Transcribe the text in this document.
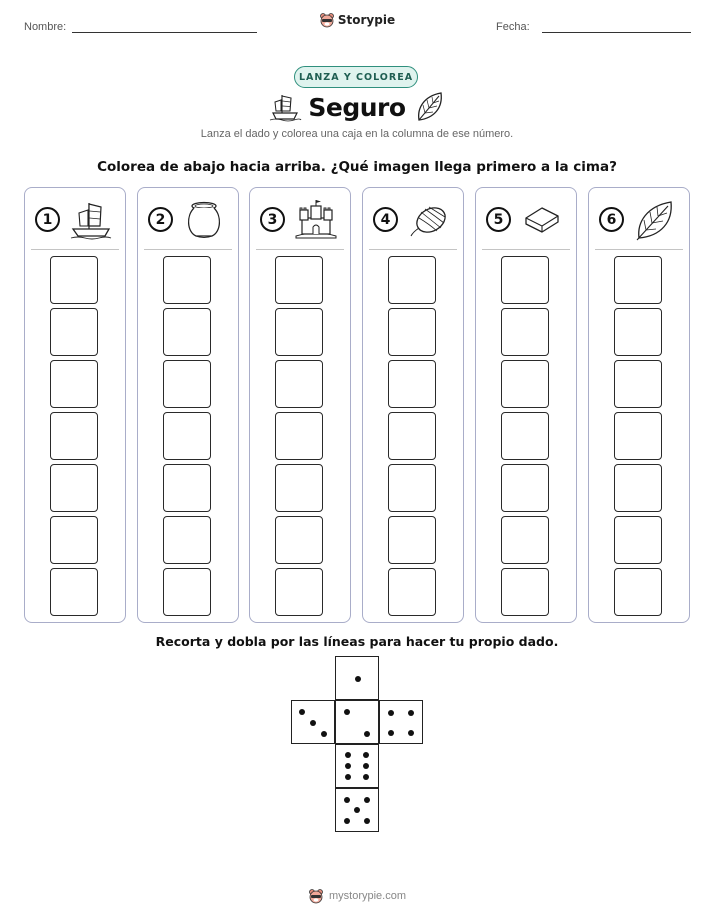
Nombre:	Storypie	Fecha:
LANZA Y COLOREA
Seguro
Lanza el dado y colorea una caja en la columna de ese número.
Colorea de abajo hacia arriba. ¿Qué imagen llega primero a la cima?
1	2	3	4	5	6
Recorta y dobla por las líneas para hacer tu propio dado.
mystorypie.com
